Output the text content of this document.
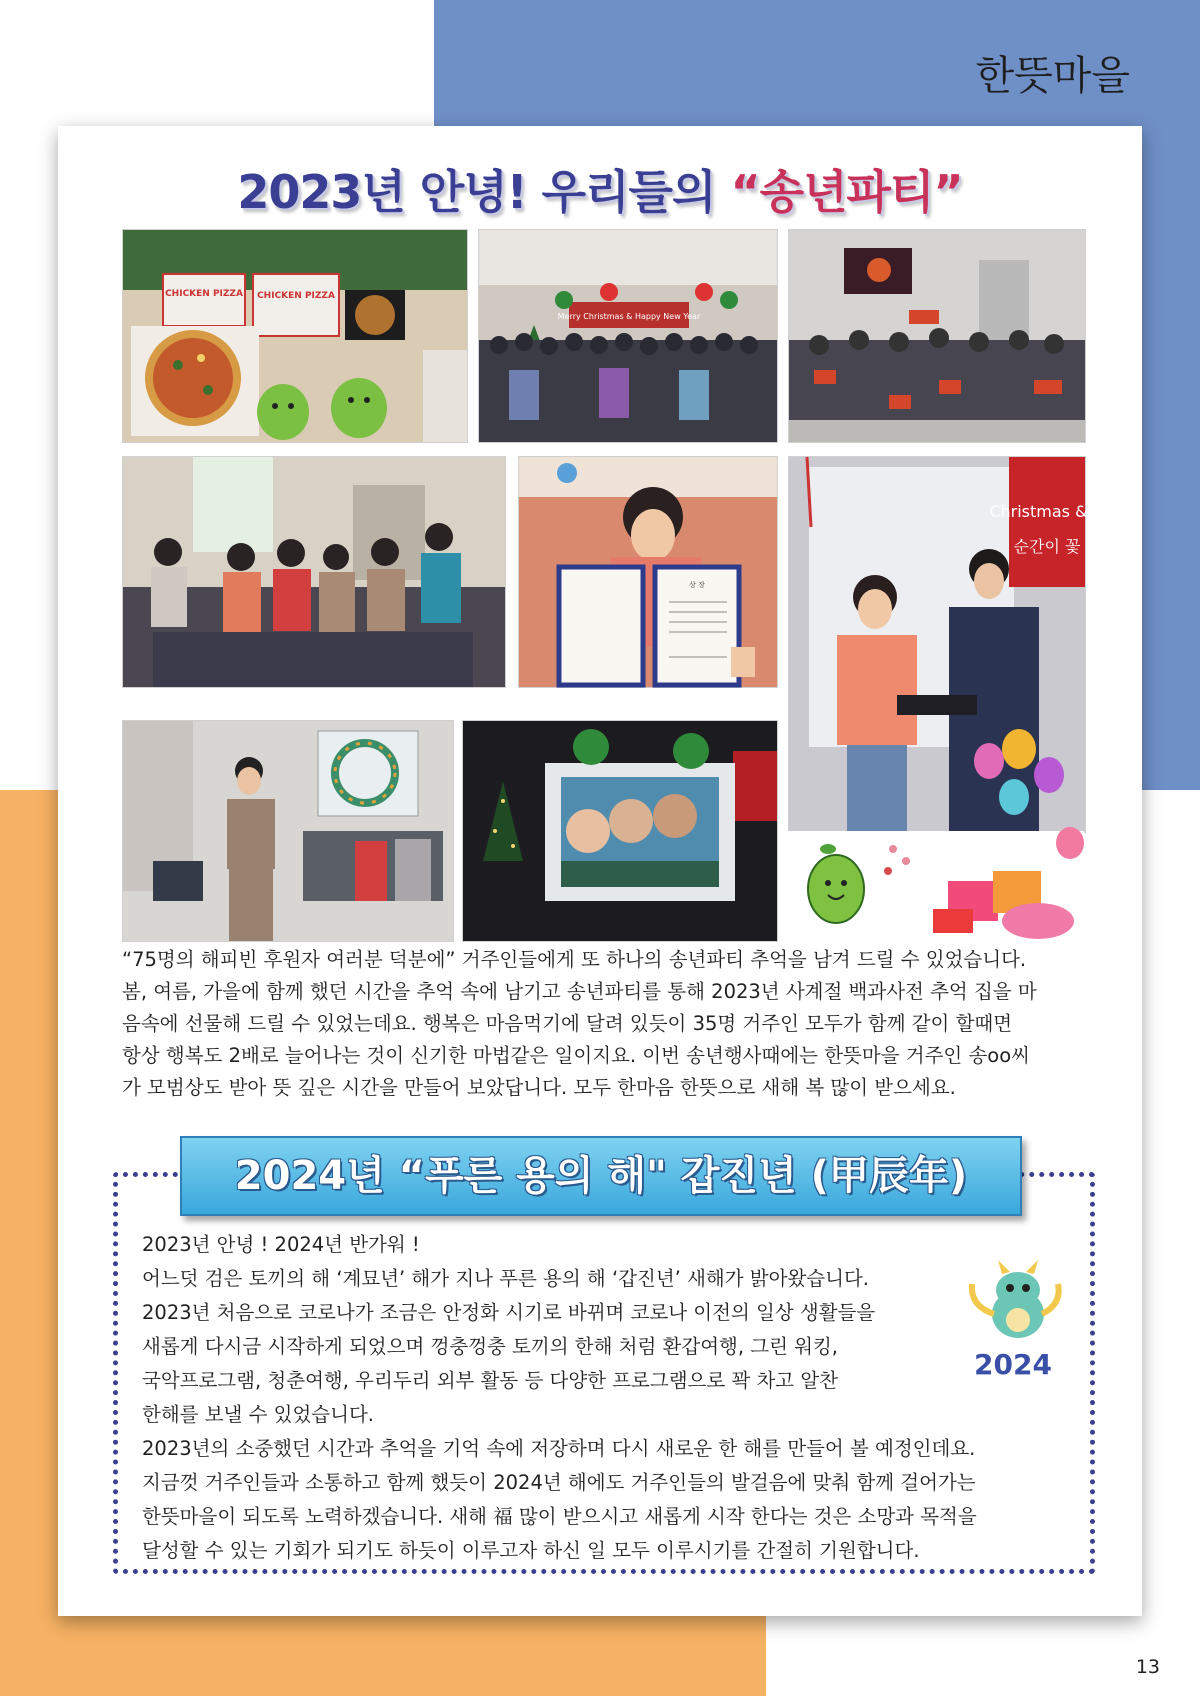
한뜻마을
13
2023년 안녕! 우리들의 “송년파티”
CHICKEN PIZZA CHICKEN PIZZA
Merry Christmas & Happy New Year
상 장
Christmas & N
순간이 꽃

“75명의 해피빈 후원자 여러분 덕분에” 거주인들에게 또 하나의 송년파티 추억을 남겨 드릴 수 있었습니다.

봄, 여름, 가을에 함께 했던 시간을 추억 속에 남기고 송년파티를 통해 2023년 사계절 백과사전 추억 집을 마

음속에 선물해 드릴 수 있었는데요. 행복은 마음먹기에 달려 있듯이 35명 거주인 모두가 함께 같이 할때면

항상 행복도 2배로 늘어나는 것이 신기한 마법같은 일이지요. 이번 송년행사때에는 한뜻마을 거주인 송oo씨

가 모범상도 받아 뜻 깊은 시간을 만들어 보았답니다. 모두 한마음 한뜻으로 새해 복 많이 받으세요.

2024년 “푸른 용의 해" 갑진년 (甲辰年)

2023년 안녕 ! 2024년 반가워 !

어느덧 검은 토끼의 해 ‘계묘년’ 해가 지나 푸른 용의 해 ‘갑진년’ 새해가 밝아왔습니다.

2023년 처음으로 코로나가 조금은 안정화 시기로 바뀌며 코로나 이전의 일상 생활들을

새롭게 다시금 시작하게 되었으며 껑충껑충 토끼의 한해 처럼 환갑여행, 그린 워킹,

국악프로그램, 청춘여행, 우리두리 외부 활동 등 다양한 프로그램으로 꽉 차고 알찬

한해를 보낼 수 있었습니다.

2023년의 소중했던 시간과 추억을 기억 속에 저장하며 다시 새로운 한 해를 만들어 볼 예정인데요.

지금껏 거주인들과 소통하고 함께 했듯이 2024년 해에도 거주인들의 발걸음에 맞춰 함께 걸어가는

한뜻마을이 되도록 노력하겠습니다. 새해 福 많이 받으시고 새롭게 시작 한다는 것은 소망과 목적을

달성할 수 있는 기회가 되기도 하듯이 이루고자 하신 일 모두 이루시기를 간절히 기원합니다.

2024
